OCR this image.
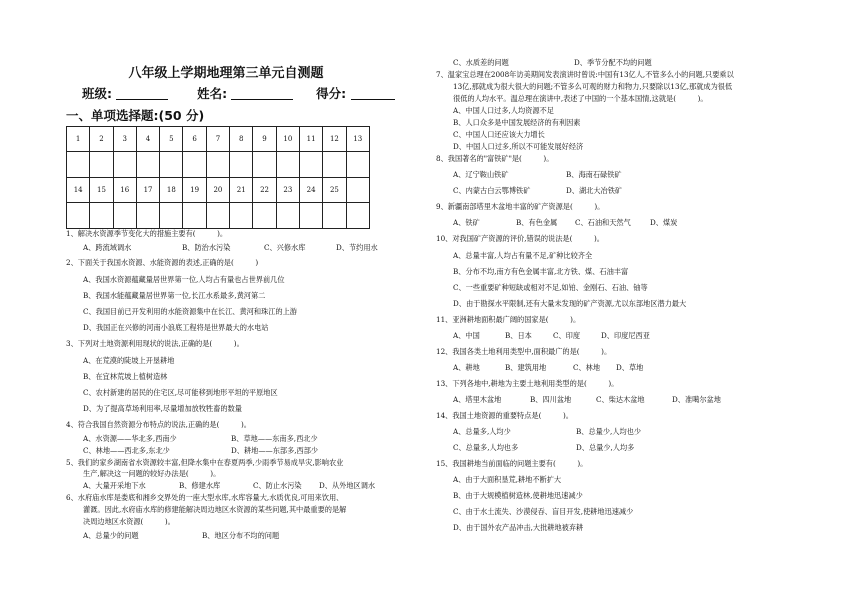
八年级上学期地理第三单元自测题
班级:	姓名:	得分:
一、单项选择题:(50 分)
1	2	3	4	5	6	7	8	9	10	11	12	13

14	15	16	17	18	19	20	21	22	23	24	25	

1、解决水资源季节变化大的措施主要有(　　　)。
A、跨流域调水	B、防治水污染	C、兴修水库	D、节约用水
2、下面关于我国水资源、水能资源的表述,正确的是(　　　)
A、我国水资源蕴藏量居世界第一位,人均占有量也占世界前几位
B、我国水能蕴藏量居世界第一位,长江水系最多,黄河第二
C、我国目前已开发利用的水能资源集中在长江、黄河和珠江的上游
D、我国正在兴修的河南小浪底工程将是世界最大的水电站
3、下列对土地资源利用现状的说法,正确的是(　　　)。
A、在荒漠的陡坡上开垦耕地
B、在宜林荒坡上植树造林
C、农村新建的居民的住宅区,尽可能移到地形平坦的平原地区
D、为了提高草场利用率,尽量增加放牧牲畜的数量
4、符合我国自然资源分布特点的说法,正确的是(　　　)。
A、水资源——华北多,西南少	B、草地——东南多,西北少
C、林地——西北多,东北少	D、耕地——东部多,西部少
5、我们的家乡湖南省水资源较丰富,但降水集中在春夏两季,少雨季节易成旱灾,影响农业
生产,解决这一问题的较好办法是(　　　)。
A、大量开采地下水	B、修建水库	C、防止水污染 D、从外地区调水
6、水府庙水库是娄底和湘乡交界处的一座大型水库,水库容量大,水质优良,可用来饮用、
灌溉。因此,水府庙水库的修建能解决周边地区水资源的某些问题,其中最重要的是解
决周边地区水资源(　　　)。
A、总量少的问题	B、地区分布不均的问题
C、水质差的问题	D、季节分配不均的问题
7、温家宝总理在2008年访美期间发表演讲时曾说:中国有13亿人,不管多么小的问题,只要乘以
13亿,那就成为很大很大的问题;不管多么可观的财力和物力,只要除以13亿,那就成为很低
很低的人均水平。温总理在演讲中,表述了中国的一个基本国情,这就是(　　　)。
A、中国人口过多,人均资源不足
B、人口众多是中国发展经济的有利因素
C、中国人口还应该大力增长
D、中国人口过多,所以不可能发展好经济
8、我国著名的"富铁矿"是(　　　)。
A、辽宁鞍山铁矿	B、海南石碌铁矿
C、内蒙古白云鄂博铁矿	D、湖北大冶铁矿
9、新疆南部塔里木盆地丰富的矿产资源是(　　　)。
A、铁矿	B、有色金属 C、石油和天然气	D、煤炭
10、对我国矿产资源的评价,错误的说法是(　　　)。
A、总量丰富,人均占有量不足,矿种比较齐全
B、分布不均,南方有色金属丰富,北方铁、煤、石油丰富
C、一些重要矿种短缺或相对不足,如铂、金刚石、石油、铀等
D、由于勘探水平限制,还有大量未发现的矿产资源,尤以东部地区潜力最大
11、亚洲耕地面积最广阔的国家是(　　　)。
A、中国	B、日本	C、印度	D、印度尼西亚
12、我国各类土地利用类型中,面积最广的是(　　　)。
A、耕地	B、建筑用地	C、林地 D、草地
13、下列各地中,耕地为主要土地利用类型的是(　　　)。
A、塔里木盆地	B、四川盆地	C、柴达木盆地	D、准噶尔盆地
14、我国土地资源的重要特点是(　　　)。
A、总量多,人均少	B、总量少,人均也少
C、总量多,人均也多	D、总量少,人均多
15、我国耕地当前面临的问题主要有(　　　)。
A、由于大面积垦荒,耕地不断扩大
B、由于大规模植树造林,使耕地迅速减少
C、由于水土流失、沙漠侵吞、盲目开发,使耕地迅速减少
D、由于国外农产品冲击,大批耕地被弃耕
